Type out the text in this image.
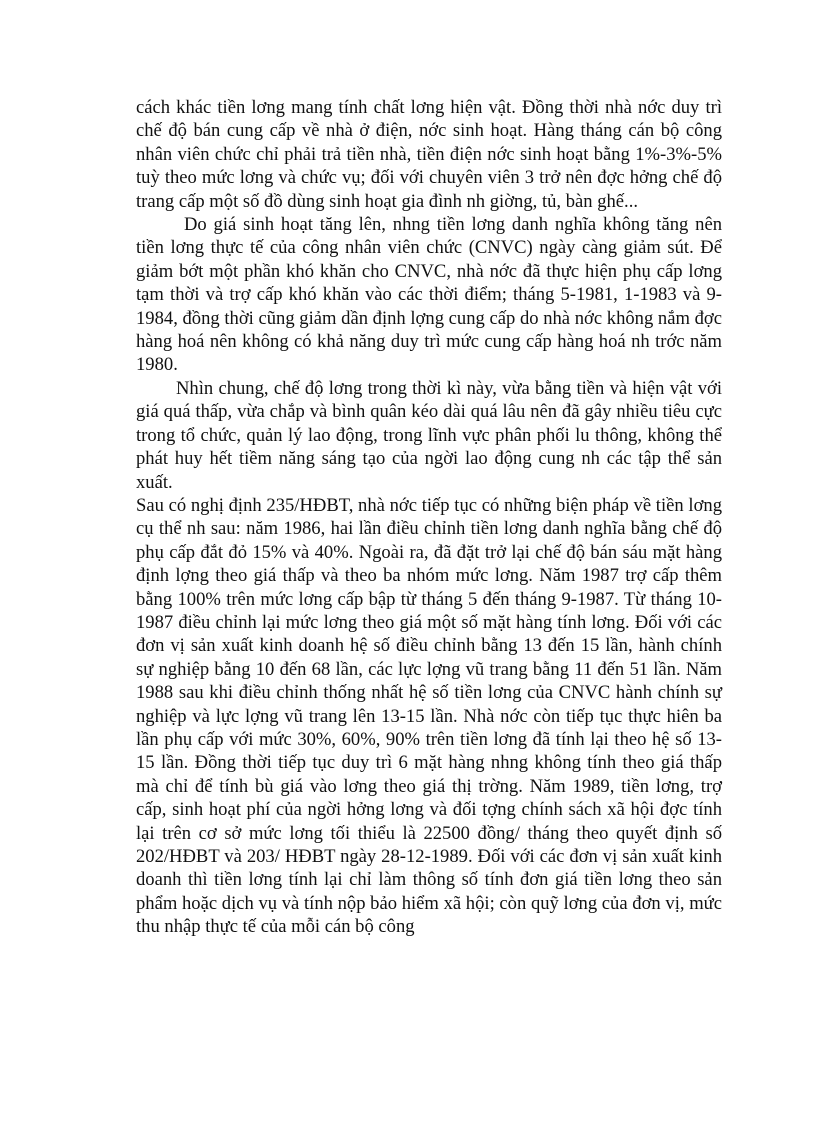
cách khác tiền lơng mang tính chất lơng hiện vật. Đồng thời nhà nớc duy trì chế độ bán cung cấp về nhà ở điện, nớc sinh hoạt. Hàng tháng cán bộ công nhân viên chức chỉ phải trả tiền nhà, tiền điện nớc sinh hoạt bằng 1%-3%-5% tuỳ theo mức lơng và chức vụ; đối với chuyên viên 3 trở nên đợc hởng chế độ trang cấp một số đồ dùng sinh hoạt gia đình nh giờng, tủ, bàn ghế...

Do giá sinh hoạt tăng lên, nhng tiền lơng danh nghĩa không tăng nên tiền lơng thực tế của công nhân viên chức (CNVC) ngày càng giảm sút. Để giảm bớt một phần khó khăn cho CNVC, nhà nớc đã thực hiện phụ cấp lơng tạm thời và trợ cấp khó khăn vào các thời điểm; tháng 5-1981, 1-1983 và 9-1984, đồng thời cũng giảm dần định lợng cung cấp do nhà nớc không nắm đợc hàng hoá nên không có khả năng duy trì mức cung cấp hàng hoá nh trớc năm 1980.

Nhìn chung, chế độ lơng trong thời kì này, vừa bằng tiền và hiện vật với giá quá thấp, vừa chắp và bình quân kéo dài quá lâu nên đã gây nhiều tiêu cực trong tổ chức, quản lý lao động, trong lĩnh vực phân phối lu thông, không thể phát huy hết tiềm năng sáng tạo của ngời lao động cung nh các tập thể sản xuất.

Sau có nghị định 235/HĐBT, nhà nớc tiếp tục có những biện pháp về tiền lơng cụ thể nh sau: năm 1986, hai lần điều chỉnh tiền lơng danh nghĩa bằng chế độ phụ cấp đắt đỏ 15% và 40%. Ngoài ra, đã đặt trở lại chế độ bán sáu mặt hàng định lợng theo giá thấp và theo ba nhóm mức lơng. Năm 1987 trợ cấp thêm bằng 100% trên mức lơng cấp bập từ tháng 5 đến tháng 9-1987. Từ tháng 10-1987 điều chỉnh lại mức lơng theo giá một số mặt hàng tính lơng. Đối với các đơn vị sản xuất kinh doanh hệ số điều chỉnh bằng 13 đến 15 lần, hành chính sự nghiệp bằng 10 đến 68 lần, các lực lợng vũ trang bằng 11 đến 51 lần. Năm 1988 sau khi điều chỉnh thống nhất hệ số tiền lơng của CNVC hành chính sự nghiệp và lực lợng vũ trang lên 13-15 lần. Nhà nớc còn tiếp tục thực hiên ba lần phụ cấp với mức 30%, 60%, 90% trên tiền lơng đã tính lại theo hệ số 13-15 lần. Đồng thời tiếp tục duy trì 6 mặt hàng nhng không tính theo giá thấp mà chỉ để tính bù giá vào lơng theo giá thị trờng. Năm 1989, tiền lơng, trợ cấp, sinh hoạt phí của ngời hởng lơng và đối tợng chính sách xã hội đợc tính lại trên cơ sở mức lơng tối thiểu là 22500 đồng/ tháng theo quyết định số 202/HĐBT và 203/ HĐBT ngày 28-12-1989. Đối với các đơn vị sản xuất kinh doanh thì tiền lơng tính lại chỉ làm thông số tính đơn giá tiền lơng theo sản phẩm hoặc dịch vụ và tính nộp bảo hiểm xã hội; còn quỹ lơng của đơn vị, mức thu nhập thực tế của mỗi cán bộ công
